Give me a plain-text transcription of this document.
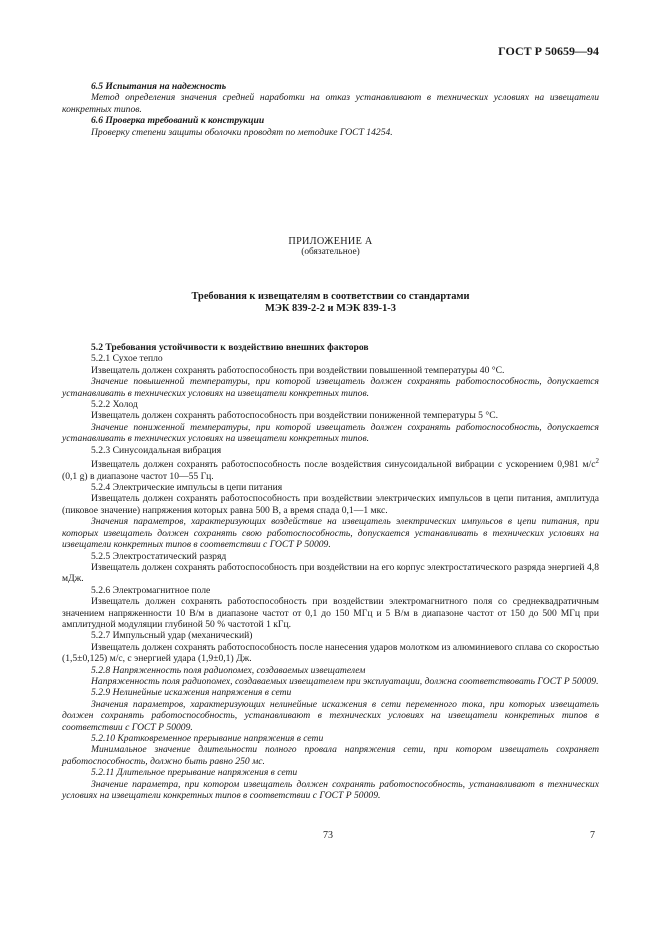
ГОСТ Р 50659—94

6.5 Испытания на надежность

Метод определения значения средней наработки на отказ устанавливают в технических условиях на извещатели конкретных типов.

6.6 Проверка требований к конструкции

Проверку степени защиты оболочки проводят по методике ГОСТ 14254.

ПРИЛОЖЕНИЕ А

(обязательное)

Требования к извещателям в соответствии со стандартами
МЭК 839-2-2 и МЭК 839-1-3

5.2 Требования устойчивости к воздействию внешних факторов

5.2.1 Сухое тепло

Извещатель должен сохранять работоспособность при воздействии повышенной температуры 40 °C.

Значение повышенной температуры, при которой извещатель должен сохранять работоспособность, допускается устанавливать в технических условиях на извещатели конкретных типов.

5.2.2 Холод

Извещатель должен сохранять работоспособность при воздействии пониженной температуры 5 °C.

Значение пониженной температуры, при которой извещатель должен сохранять работоспособность, допускается устанавливать в технических условиях на извещатели конкретных типов.

5.2.3 Синусоидальная вибрация

Извещатель должен сохранять работоспособность после воздействия синусоидальной вибрации с ускорением 0,981 $м/с^2$ (0,1 g) в диапазоне частот 10—55 Гц.

5.2.4 Электрические импульсы в цепи питания

Извещатель должен сохранять работоспособность при воздействии электрических импульсов в цепи питания, амплитуда (пиковое значение) напряжения которых равна 500 В, а время спада 0,1—1 мкс.

Значения параметров, характеризующих воздействие на извещатель электрических импульсов в цепи питания, при которых извещатель должен сохранять свою работоспособность, допускается устанавливать в технических условиях на извещатели конкретных типов в соответствии с ГОСТ Р 50009.

5.2.5 Электростатический разряд

Извещатель должен сохранять работоспособность при воздействии на его корпус электростатического разряда энергией 4,8 мДж.

5.2.6 Электромагнитное поле

Извещатель должен сохранять работоспособность при воздействии электромагнитного поля со среднеквадратичным значением напряженности 10 В/м в диапазоне частот от 0,1 до 150 МГц и 5 В/м в диапазоне частот от 150 до 500 МГц при амплитудной модуляции глубиной 50 % частотой 1 кГц.

5.2.7 Импульсный удар (механический)

Извещатель должен сохранять работоспособность после нанесения ударов молотком из алюминиевого сплава со скоростью (1,5±0,125) м/с, с энергией удара (1,9±0,1) Дж.

5.2.8 Напряженность поля радиопомех, создаваемых извещателем

Напряженность поля радиопомех, создаваемых извещателем при эксплуатации, должна соответствовать ГОСТ Р 50009.

5.2.9 Нелинейные искажения напряжения в сети

Значения параметров, характеризующих нелинейные искажения в сети переменного тока, при которых извещатель должен сохранять работоспособность, устанавливают в технических условиях на извещатели конкретных типов в соответствии с ГОСТ Р 50009.

5.2.10 Кратковременное прерывание напряжения в сети

Минимальное значение длительности полного провала напряжения сети, при котором извещатель сохраняет работоспособность, должно быть равно 250 мс.

5.2.11 Длительное прерывание напряжения в сети

Значение параметра, при котором извещатель должен сохранять работоспособность, устанавливают в технических условиях на извещатели конкретных типов в соответствии с ГОСТ Р 50009.

73	7
